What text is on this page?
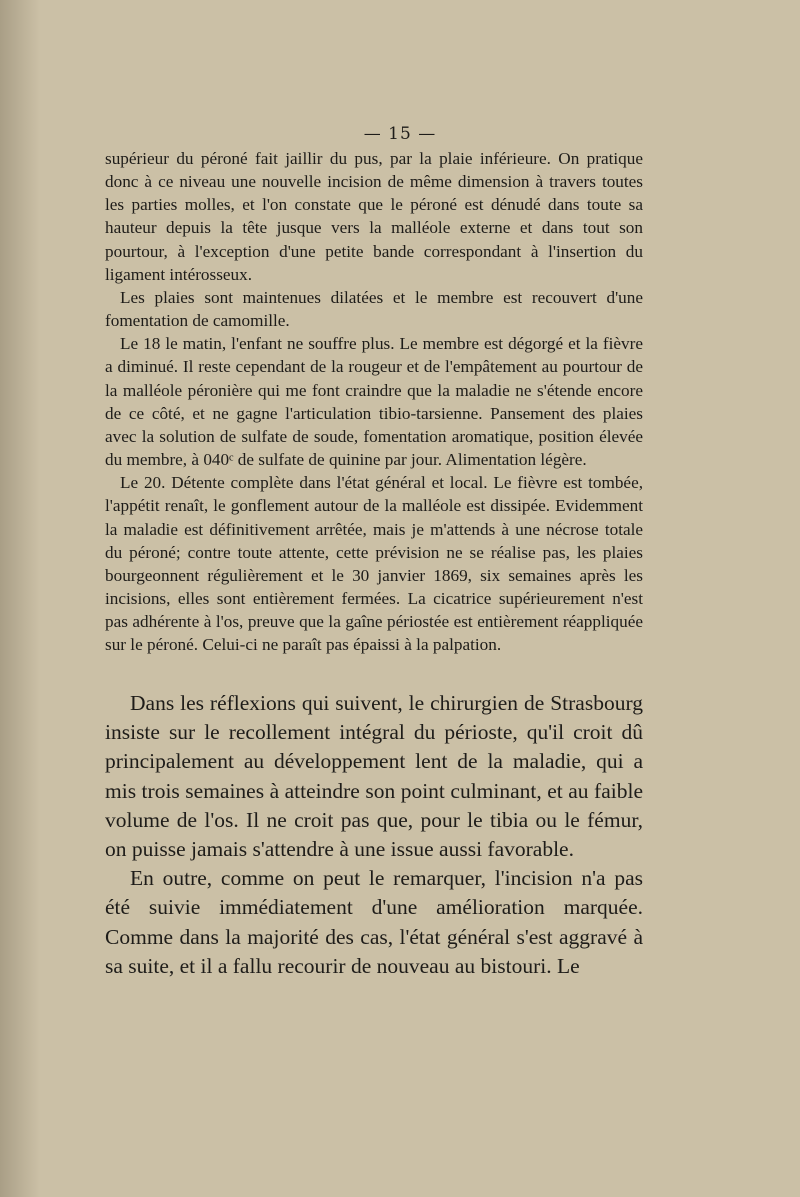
— 15 —

supérieur du péroné fait jaillir du pus, par la plaie inférieure. On pratique donc à ce niveau une nouvelle incision de même dimension à travers toutes les parties molles, et l'on constate que le péroné est dénudé dans toute sa hauteur depuis la tête jusque vers la malléole externe et dans tout son pourtour, à l'exception d'une petite bande correspondant à l'insertion du ligament intérosseux.

Les plaies sont maintenues dilatées et le membre est recouvert d'une fomentation de camomille.

Le 18 le matin, l'enfant ne souffre plus. Le membre est dégorgé et la fièvre a diminué. Il reste cependant de la rougeur et de l'empâtement au pourtour de la malléole péronière qui me font craindre que la maladie ne s'étende encore de ce côté, et ne gagne l'articulation tibio-tarsienne. Pansement des plaies avec la solution de sulfate de soude, fomentation aromatique, position élevée du membre, à 040ᶜ de sulfate de quinine par jour. Alimentation légère.

Le 20. Détente complète dans l'état général et local. Le fièvre est tombée, l'appétit renaît, le gonflement autour de la malléole est dissipée. Evidemment la maladie est définitivement arrêtée, mais je m'attends à une nécrose totale du péroné; contre toute attente, cette prévision ne se réalise pas, les plaies bourgeonnent régulièrement et le 30 janvier 1869, six semaines après les incisions, elles sont entièrement fermées. La cicatrice supérieurement n'est pas adhérente à l'os, preuve que la gaîne périostée est entièrement réappliquée sur le péroné. Celui-ci ne paraît pas épaissi à la palpation.

Dans les réflexions qui suivent, le chirurgien de Strasbourg insiste sur le recollement intégral du périoste, qu'il croit dû principalement au développement lent de la maladie, qui a mis trois semaines à atteindre son point culminant, et au faible volume de l'os. Il ne croit pas que, pour le tibia ou le fémur, on puisse jamais s'attendre à une issue aussi favorable.

En outre, comme on peut le remarquer, l'incision n'a pas été suivie immédiatement d'une amélioration marquée. Comme dans la majorité des cas, l'état général s'est aggravé à sa suite, et il a fallu recourir de nouveau au bistouri. Le
